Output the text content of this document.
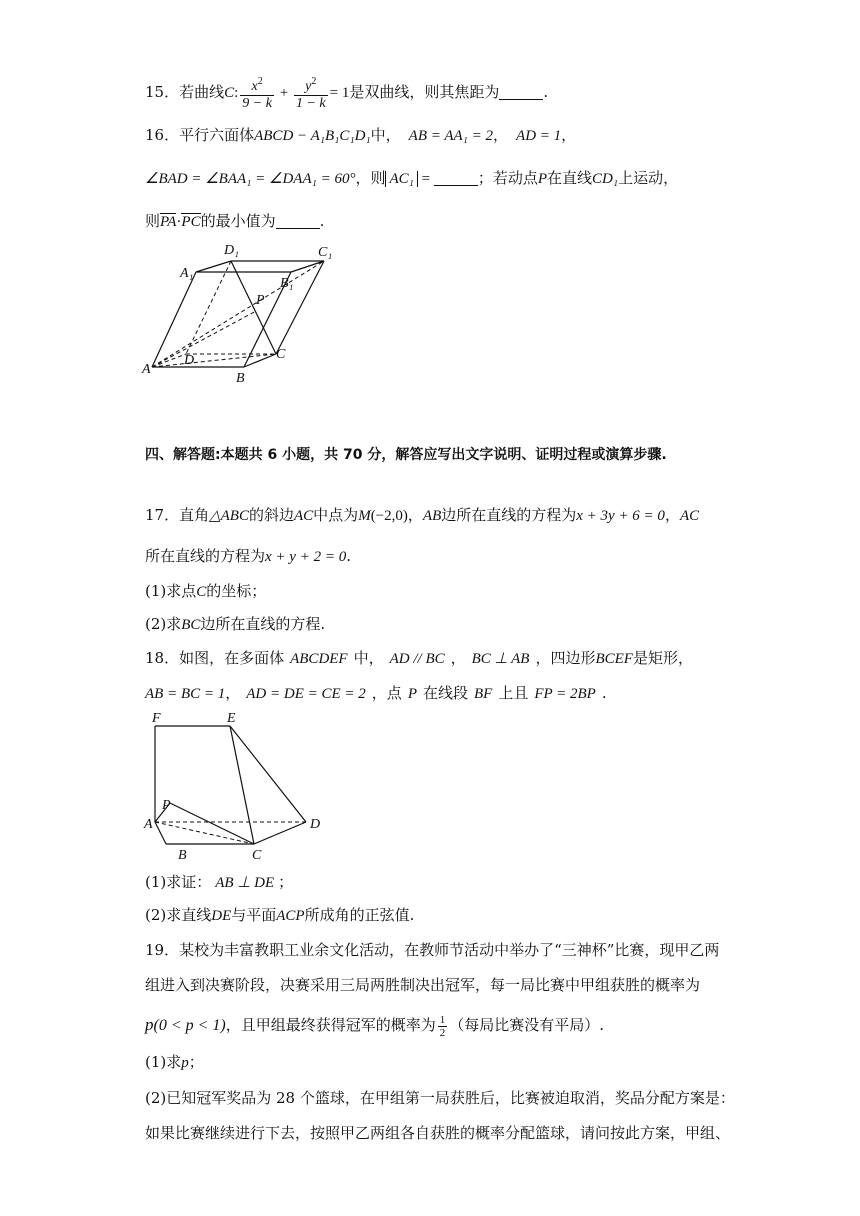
15．若曲线C: $\frac{x^2}{9 - k} + \frac{y^2}{1 - k} = 1$是双曲线，则其焦距为	.
16．平行六面体ABCD − A₁B₁C₁D₁中， AB = AA₁ = 2， AD = 1，
∠BAD = ∠BAA₁ = ∠DAA₁ = 60°，则 AC₁ =	；若动点P在直线CD₁上运动，
则PA·PC的最小值为	.
D₁	C₁
A₁
B₁
P
A
D	C
B
四、解答题:本题共 6 小题，共 70 分，解答应写出文字说明、证明过程或演算步骤.
17．直角△ABC的斜边AC中点为M(−2,0)，AB边所在直线的方程为x + 3y + 6 = 0，AC
所在直线的方程为x + y + 2 = 0.
(1)求点C的坐标；
(2)求BC边所在直线的方程.
18．如图，在多面体 ABCDEF 中， AD // BC ， BC ⊥ AB ，四边形BCEF是矩形，
AB = BC = 1， AD = DE = CE = 2 ，点 P 在线段 BF 上且 FP = 2BP .
F	E
P
A	D
B	C
(1)求证： AB ⊥ DE ；
(2)求直线DE与平面ACP所成角的正弦值.
19．某校为丰富教职工业余文化活动，在教师节活动中举办了“三神杯”比赛，现甲乙两
组进入到决赛阶段，决赛采用三局两胜制决出冠军，每一局比赛中甲组获胜的概率为
p(0 < p < 1)，且甲组最终获得冠军的概率为 $\frac{1}{2}$ （每局比赛没有平局）.
(1)求p；
(2)已知冠军奖品为 28 个篮球，在甲组第一局获胜后，比赛被迫取消，奖品分配方案是：
如果比赛继续进行下去，按照甲乙两组各自获胜的概率分配篮球，请问按此方案，甲组、
